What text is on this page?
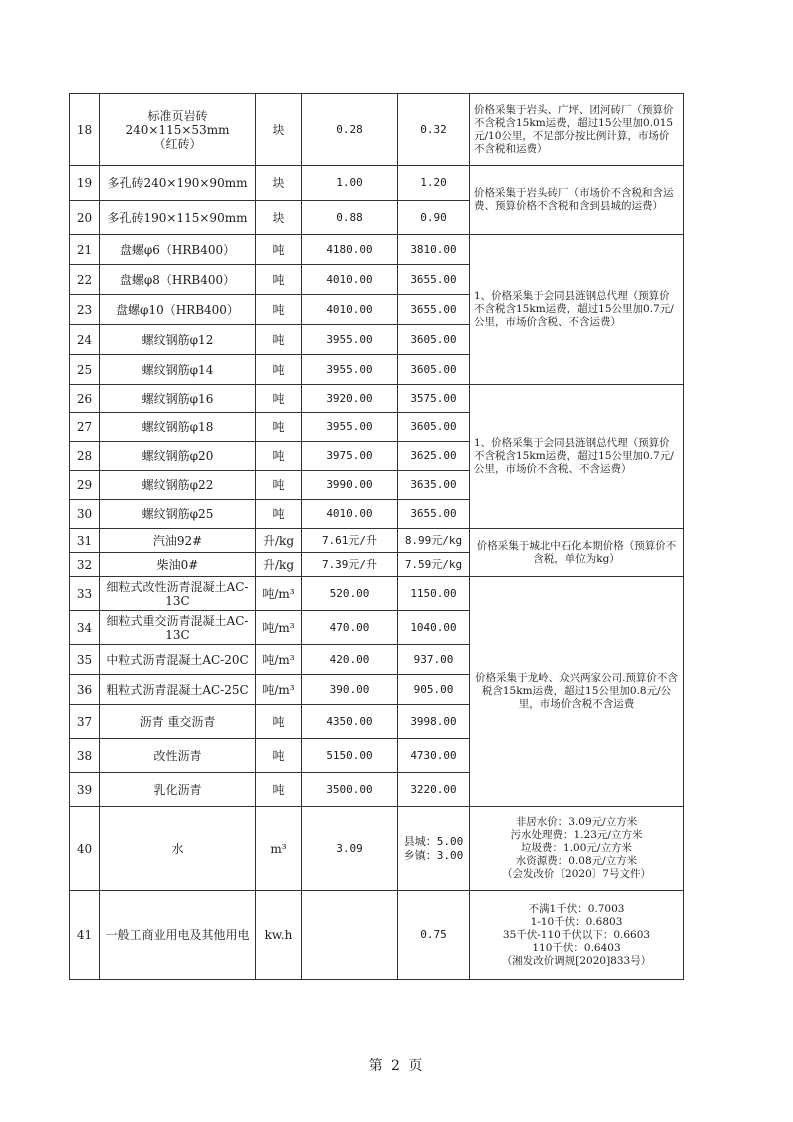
18	标准页岩砖
240×115×53mm
（红砖）	块	0.28	0.32	价格采集于岩头、广坪、团河砖厂（预算价不含税含15km运费，超过15公里加0.015元/10公里，不足部分按比例计算，市场价不含税和运费）
19	多孔砖240×190×90mm	块	1.00	1.20	价格采集于岩头砖厂（市场价不含税和含运费、预算价格不含税和含到县城的运费）
20	多孔砖190×115×90mm	块	0.88	0.90	
21	盘螺φ6（HRB400）	吨	4180.00	3810.00	1、价格采集于会同县涟钢总代理（预算价不含税含15km运费，超过15公里加0.7元/公里，市场价含税、不含运费）
22	盘螺φ8（HRB400）	吨	4010.00	3655.00	
23	盘螺φ10（HRB400）	吨	4010.00	3655.00	
24	螺纹钢筋φ12	吨	3955.00	3605.00	
25	螺纹钢筋φ14	吨	3955.00	3605.00	
26	螺纹钢筋φ16	吨	3920.00	3575.00	1、价格采集于会同县涟钢总代理（预算价不含税含15km运费，超过15公里加0.7元/公里，市场价不含税、不含运费）
27	螺纹钢筋φ18	吨	3955.00	3605.00	
28	螺纹钢筋φ20	吨	3975.00	3625.00	
29	螺纹钢筋φ22	吨	3990.00	3635.00	
30	螺纹钢筋φ25	吨	4010.00	3655.00	
31	汽油92#	升/kg	7.61元/升	8.99元/kg	价格采集于城北中石化本期价格（预算价不含税，单位为kg）
32	柴油0#	升/kg	7.39元/升	7.59元/kg	
33	细粒式改性沥青混凝土AC-13C	吨/m³	520.00	1150.00	价格采集于龙岭、众兴两家公司.预算价不含税含15km运费，超过15公里加0.8元/公里，市场价含税不含运费
34	细粒式重交沥青混凝土AC-13C	吨/m³	470.00	1040.00	
35	中粒式沥青混凝土AC-20C	吨/m³	420.00	937.00	
36	粗粒式沥青混凝土AC-25C	吨/m³	390.00	905.00	
37	沥青 重交沥青	吨	4350.00	3998.00	
38	改性沥青	吨	5150.00	4730.00	
39	乳化沥青	吨	3500.00	3220.00	
40	水	m³	3.09	县城：5.00
乡镇：3.00	非居水价：3.09元/立方米
污水处理费：1.23元/立方米
垃圾费：1.00元/立方米
水资源费：0.08元/立方米
（会发改价〔2020〕7号文件）
41	一般工商业用电及其他用电	kw.h		0.75	不满1千伏：0.7003
1-10千伏：0.6803
35千伏-110千伏以下：0.6603
110千伏：0.6403
（湘发改价调规[2020]833号）
第 2 页
